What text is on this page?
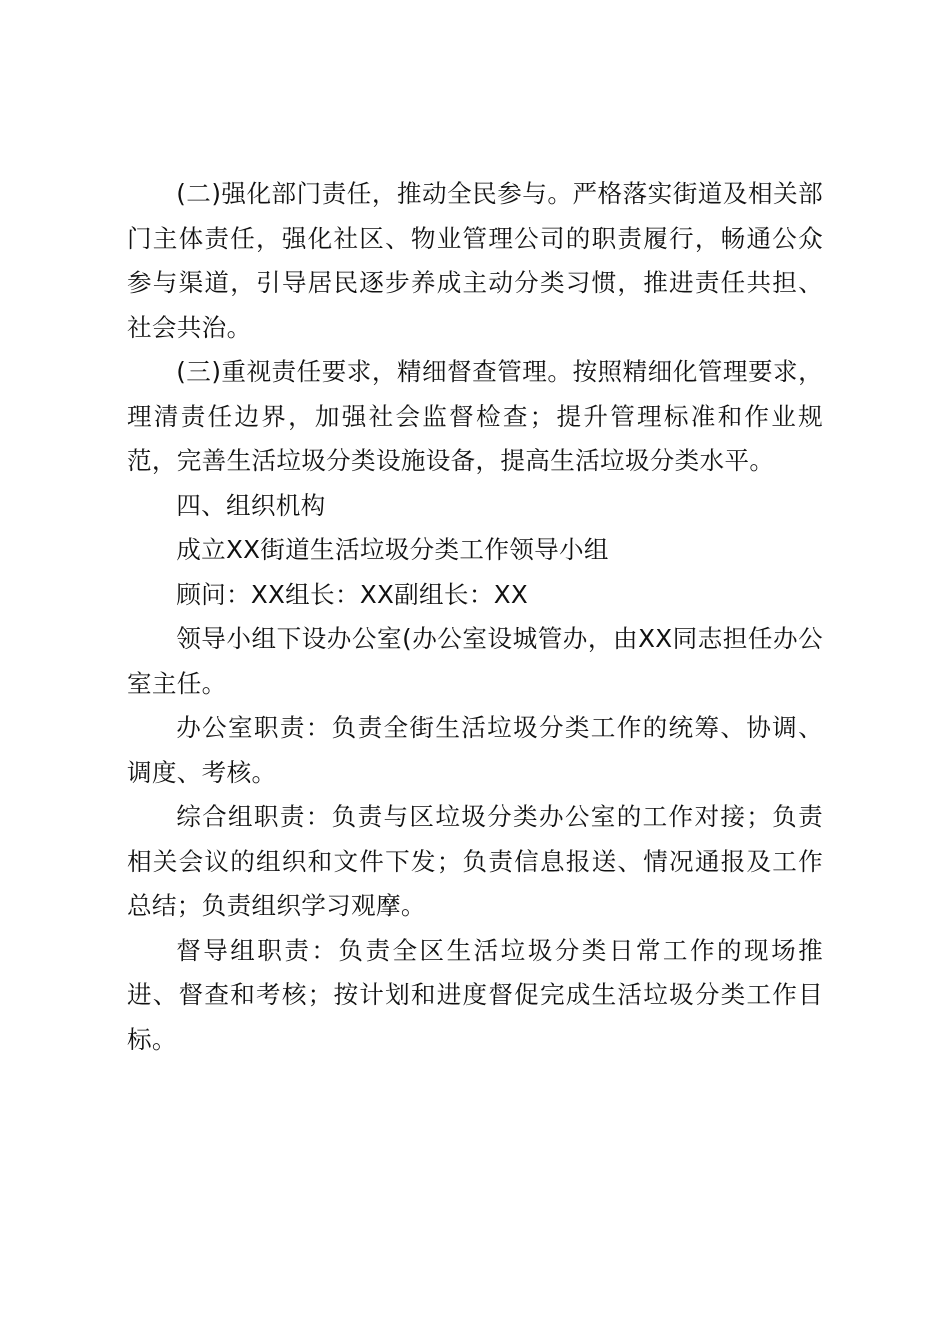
(二)强化部门责任，推动全民参与。严格落实街道及相关部门主体责任，强化社区、物业管理公司的职责履行，畅通公众参与渠道，引导居民逐步养成主动分类习惯，推进责任共担、社会共治。

(三)重视责任要求，精细督查管理。按照精细化管理要求，理清责任边界，加强社会监督检查；提升管理标准和作业规范，完善生活垃圾分类设施设备，提高生活垃圾分类水平。

四、组织机构

成立XX街道生活垃圾分类工作领导小组

顾问：XX组长：XX副组长：XX

领导小组下设办公室(办公室设城管办，由XX同志担任办公室主任。

办公室职责：负责全街生活垃圾分类工作的统筹、协调、调度、考核。

综合组职责：负责与区垃圾分类办公室的工作对接；负责相关会议的组织和文件下发；负责信息报送、情况通报及工作总结；负责组织学习观摩。

督导组职责：负责全区生活垃圾分类日常工作的现场推进、督查和考核；按计划和进度督促完成生活垃圾分类工作目标。
